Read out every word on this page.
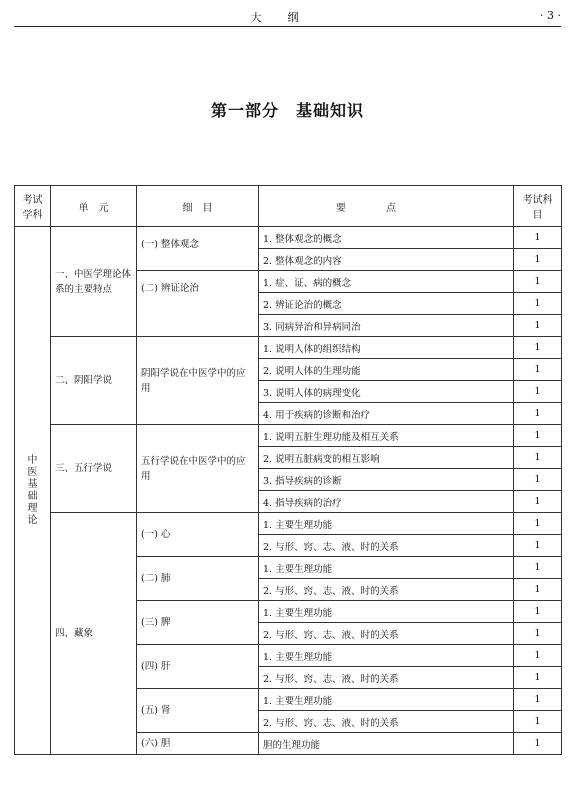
大纲	· 3 ·
第一部分　基础知识
考试学科	单　元	细　目	要点	考试科目
中医基础理论	一、中医学理论体系的主要特点	(一) 整体观念	1. 整体观念的概念	1
			2. 整体观念的内容	1
		(二) 辨证论治	1. 症、证、病的概念	1
			2. 辨证论治的概念	1
			3. 同病异治和异病同治	1
	二、阴阳学说	阴阳学说在中医学中的应用	1. 说明人体的组织结构	1
			2. 说明人体的生理功能	1
			3. 说明人体的病理变化	1
			4. 用于疾病的诊断和治疗	1
	三、五行学说	五行学说在中医学中的应用	1. 说明五脏生理功能及相互关系	1
			2. 说明五脏病变的相互影响	1
			3. 指导疾病的诊断	1
			4. 指导疾病的治疗	1
	四、藏象	(一) 心	1. 主要生理功能	1
			2. 与形、窍、志、液、时的关系	1
		(二) 肺	1. 主要生理功能	1
			2. 与形、窍、志、液、时的关系	1
		(三) 脾	1. 主要生理功能	1
			2. 与形、窍、志、液、时的关系	1
		(四) 肝	1. 主要生理功能	1
			2. 与形、窍、志、液、时的关系	1
		(五) 肾	1. 主要生理功能	1
			2. 与形、窍、志、液、时的关系	1
		(六) 胆	胆的生理功能	1
